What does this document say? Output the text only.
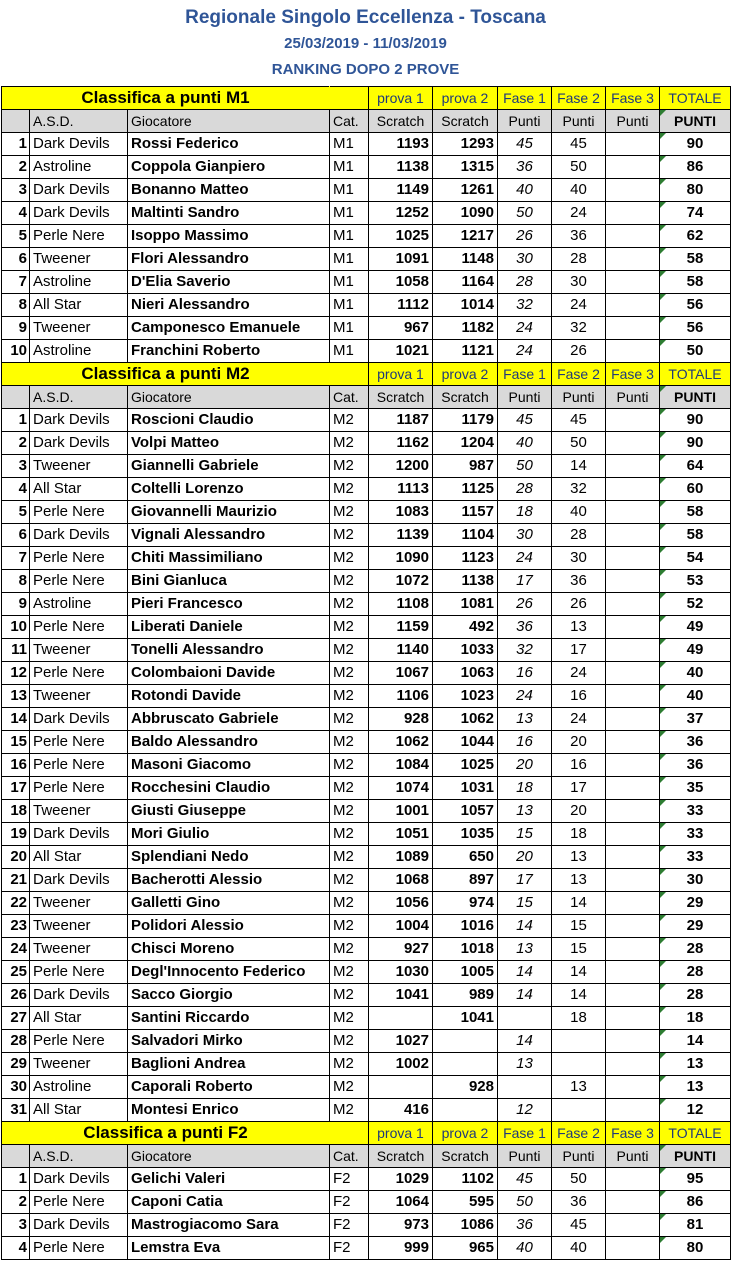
Regionale Singolo Eccellenza - Toscana
25/03/2019 - 11/03/2019
RANKING DOPO 2 PROVE
Classifica a punti M1				prova 1	prova 2	Fase 1	Fase 2	Fase 3	TOTALE
	A.S.D.	Giocatore	Cat.	Scratch	Scratch	Punti	Punti	Punti	PUNTI
1	Dark Devils	Rossi Federico	M1	1193	1293	45	45		90
2	Astroline	Coppola Gianpiero	M1	1138	1315	36	50		86
3	Dark Devils	Bonanno Matteo	M1	1149	1261	40	40		80
4	Dark Devils	Maltinti Sandro	M1	1252	1090	50	24		74
5	Perle Nere	Isoppo Massimo	M1	1025	1217	26	36		62
6	Tweener	Flori Alessandro	M1	1091	1148	30	28		58
7	Astroline	D'Elia Saverio	M1	1058	1164	28	30		58
8	All Star	Nieri Alessandro	M1	1112	1014	32	24		56
9	Tweener	Camponesco Emanuele	M1	967	1182	24	32		56
10	Astroline	Franchini Roberto	M1	1021	1121	24	26		50
Classifica a punti M2				prova 1	prova 2	Fase 1	Fase 2	Fase 3	TOTALE
	A.S.D.	Giocatore	Cat.	Scratch	Scratch	Punti	Punti	Punti	PUNTI
1	Dark Devils	Roscioni Claudio	M2	1187	1179	45	45		90
2	Dark Devils	Volpi Matteo	M2	1162	1204	40	50		90
3	Tweener	Giannelli Gabriele	M2	1200	987	50	14		64
4	All Star	Coltelli Lorenzo	M2	1113	1125	28	32		60
5	Perle Nere	Giovannelli Maurizio	M2	1083	1157	18	40		58
6	Dark Devils	Vignali Alessandro	M2	1139	1104	30	28		58
7	Perle Nere	Chiti Massimiliano	M2	1090	1123	24	30		54
8	Perle Nere	Bini Gianluca	M2	1072	1138	17	36		53
9	Astroline	Pieri Francesco	M2	1108	1081	26	26		52
10	Perle Nere	Liberati Daniele	M2	1159	492	36	13		49
11	Tweener	Tonelli Alessandro	M2	1140	1033	32	17		49
12	Perle Nere	Colombaioni Davide	M2	1067	1063	16	24		40
13	Tweener	Rotondi Davide	M2	1106	1023	24	16		40
14	Dark Devils	Abbruscato Gabriele	M2	928	1062	13	24		37
15	Perle Nere	Baldo Alessandro	M2	1062	1044	16	20		36
16	Perle Nere	Masoni Giacomo	M2	1084	1025	20	16		36
17	Perle Nere	Rocchesini Claudio	M2	1074	1031	18	17		35
18	Tweener	Giusti Giuseppe	M2	1001	1057	13	20		33
19	Dark Devils	Mori Giulio	M2	1051	1035	15	18		33
20	All Star	Splendiani Nedo	M2	1089	650	20	13		33
21	Dark Devils	Bacherotti Alessio	M2	1068	897	17	13		30
22	Tweener	Galletti Gino	M2	1056	974	15	14		29
23	Tweener	Polidori Alessio	M2	1004	1016	14	15		29
24	Tweener	Chisci Moreno	M2	927	1018	13	15		28
25	Perle Nere	Degl'Innocento Federico	M2	1030	1005	14	14		28
26	Dark Devils	Sacco Giorgio	M2	1041	989	14	14		28
27	All Star	Santini Riccardo	M2		1041		18		18
28	Perle Nere	Salvadori Mirko	M2	1027		14			14
29	Tweener	Baglioni Andrea	M2	1002		13			13
30	Astroline	Caporali Roberto	M2		928		13		13
31	All Star	Montesi Enrico	M2	416		12			12
Classifica a punti F2				prova 1	prova 2	Fase 1	Fase 2	Fase 3	TOTALE
	A.S.D.	Giocatore	Cat.	Scratch	Scratch	Punti	Punti	Punti	PUNTI
1	Dark Devils	Gelichi Valeri	F2	1029	1102	45	50		95
2	Perle Nere	Caponi Catia	F2	1064	595	50	36		86
3	Dark Devils	Mastrogiacomo Sara	F2	973	1086	36	45		81
4	Perle Nere	Lemstra Eva	F2	999	965	40	40		80
